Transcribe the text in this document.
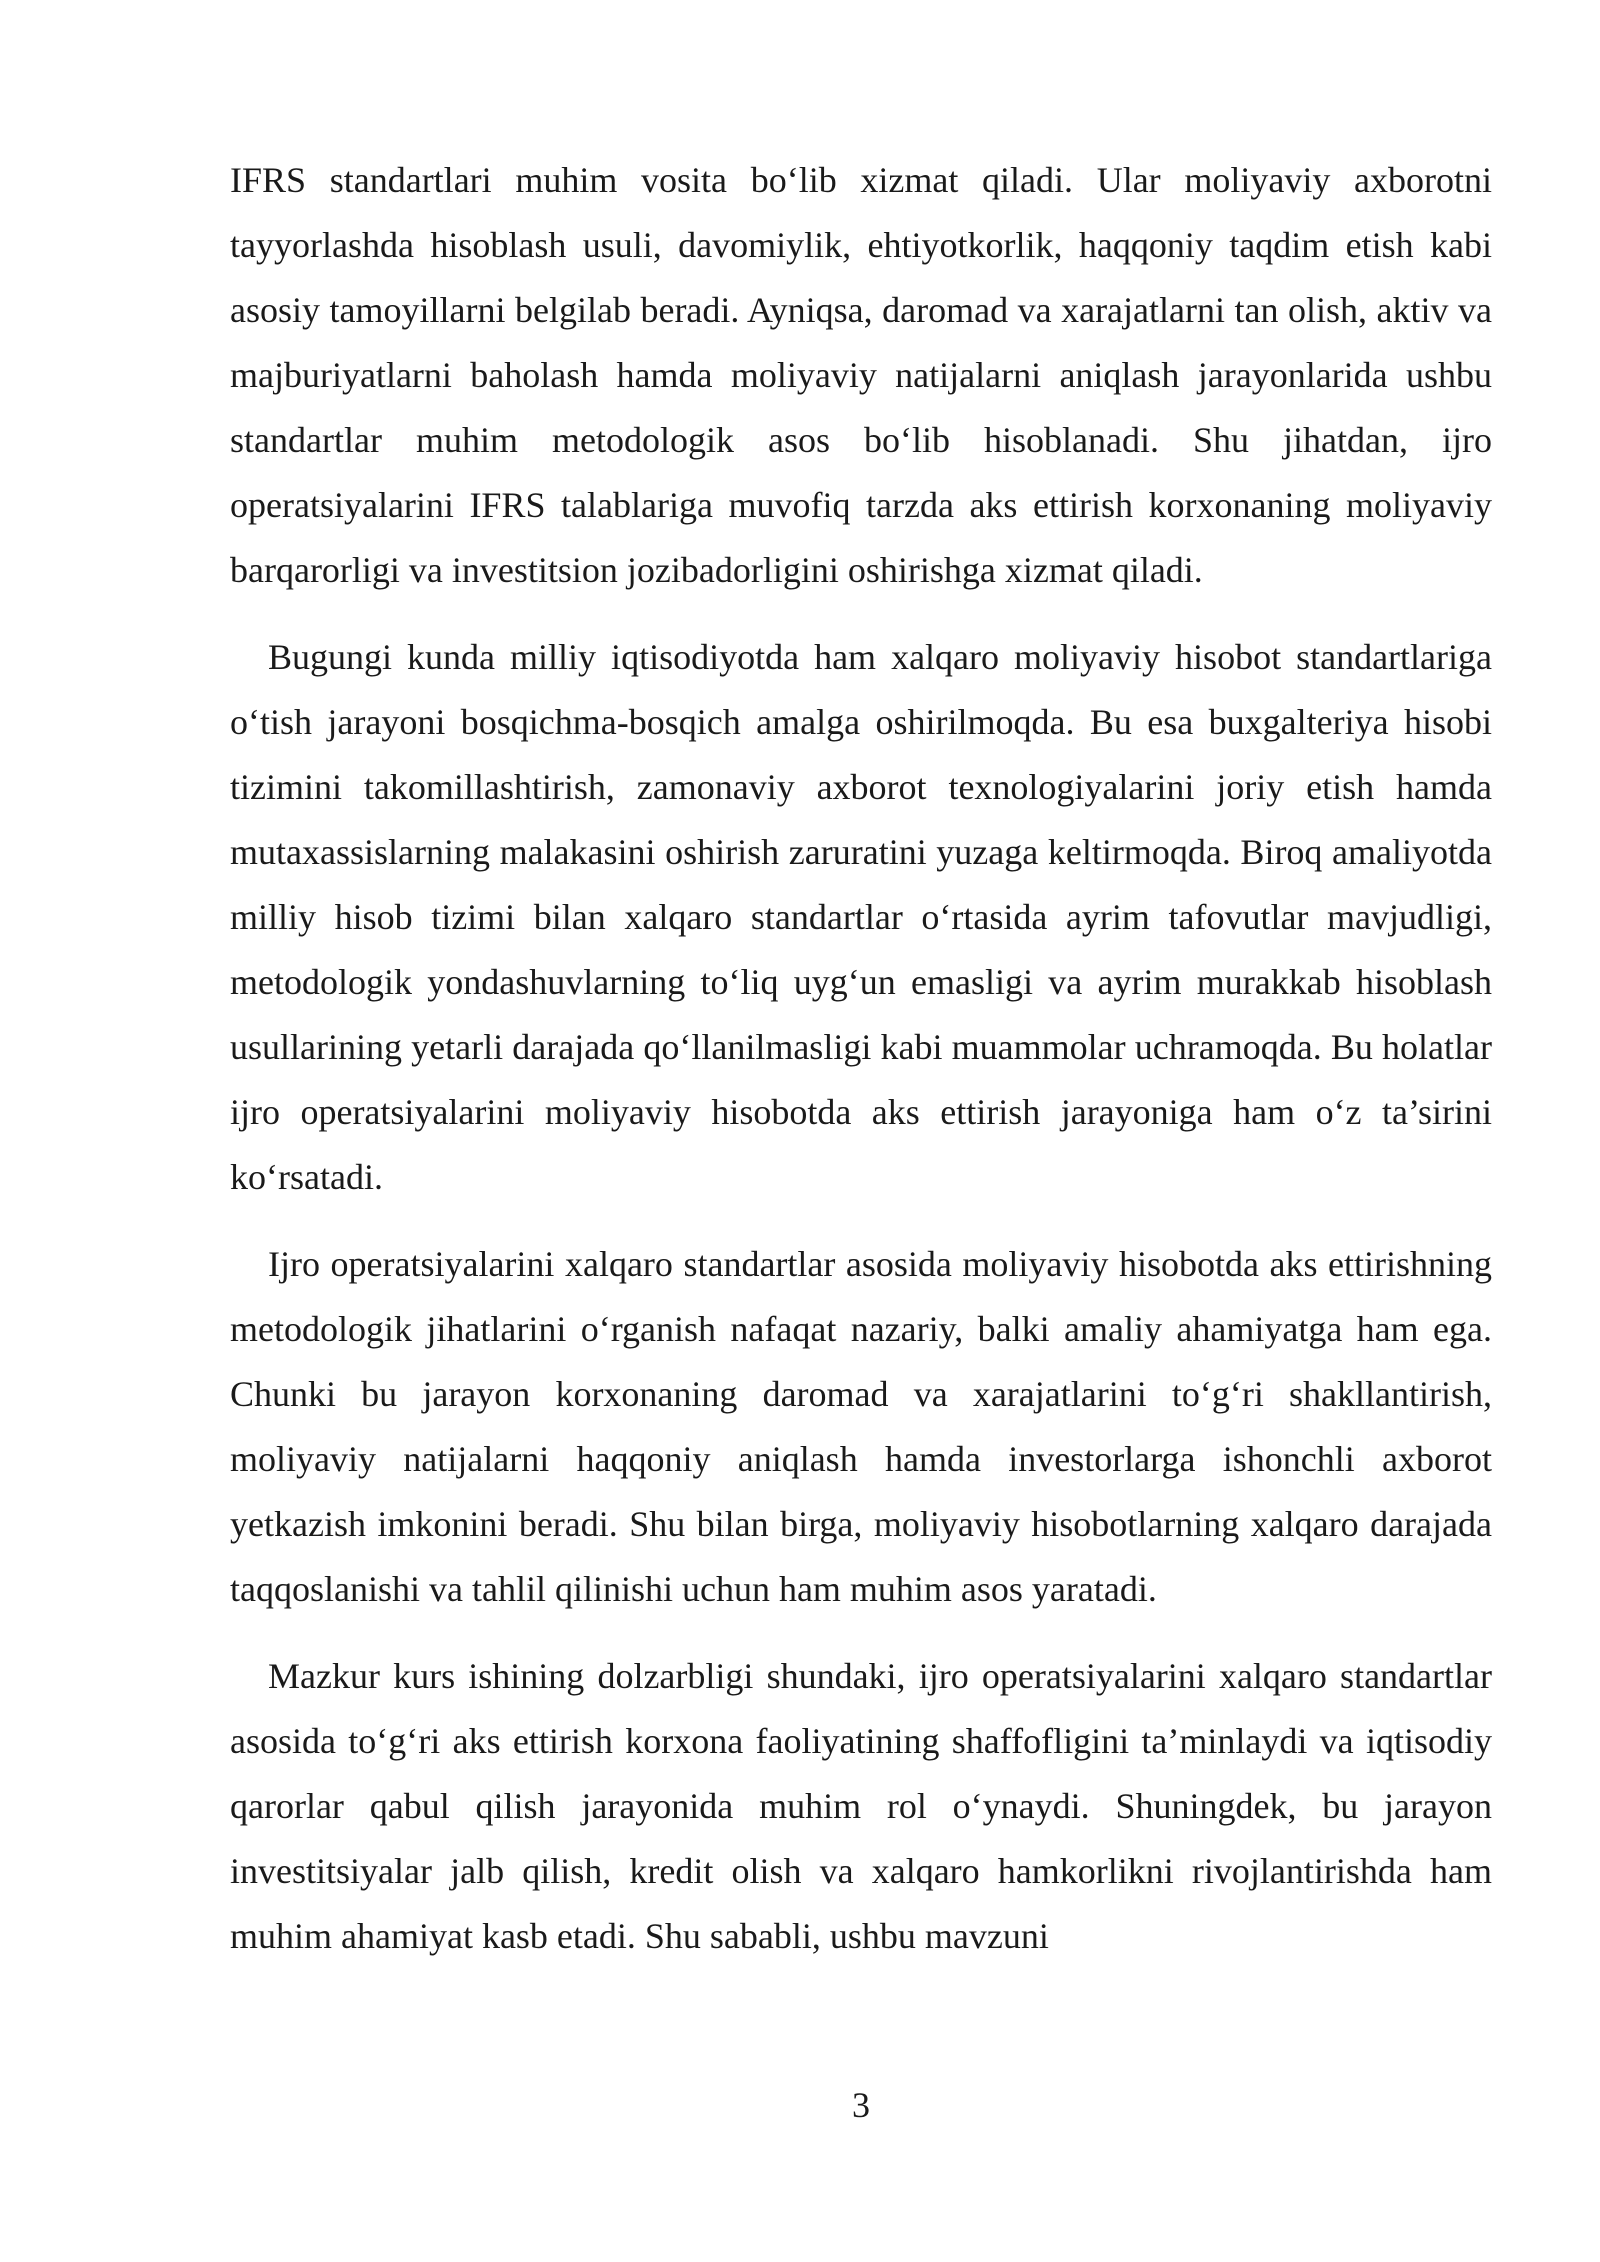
IFRS standartlari muhim vosita bo‘lib xizmat qiladi. Ular moliyaviy axborotni tayyorlashda hisoblash usuli, davomiylik, ehtiyotkorlik, haqqoniy taqdim etish kabi asosiy tamoyillarni belgilab beradi. Ayniqsa, daromad va xarajatlarni tan olish, aktiv va majburiyatlarni baholash hamda moliyaviy natijalarni aniqlash jarayonlarida ushbu standartlar muhim metodologik asos bo‘lib hisoblanadi. Shu jihatdan, ijro operatsiyalarini IFRS talablariga muvofiq tarzda aks ettirish korxonaning moliyaviy barqarorligi va investitsion jozibadorligini oshirishga xizmat qiladi.

Bugungi kunda milliy iqtisodiyotda ham xalqaro moliyaviy hisobot standartlariga o‘tish jarayoni bosqichma-bosqich amalga oshirilmoqda. Bu esa buxgalteriya hisobi tizimini takomillashtirish, zamonaviy axborot texnologiyalarini joriy etish hamda mutaxassislarning malakasini oshirish zaruratini yuzaga keltirmoqda. Biroq amaliyotda milliy hisob tizimi bilan xalqaro standartlar o‘rtasida ayrim tafovutlar mavjudligi, metodologik yondashuvlarning to‘liq uyg‘un emasligi va ayrim murakkab hisoblash usullarining yetarli darajada qo‘llanilmasligi kabi muammolar uchramoqda. Bu holatlar ijro operatsiyalarini moliyaviy hisobotda aks ettirish jarayoniga ham o‘z ta’sirini ko‘rsatadi.

Ijro operatsiyalarini xalqaro standartlar asosida moliyaviy hisobotda aks ettirishning metodologik jihatlarini o‘rganish nafaqat nazariy, balki amaliy ahamiyatga ham ega. Chunki bu jarayon korxonaning daromad va xarajatlarini to‘g‘ri shakllantirish, moliyaviy natijalarni haqqoniy aniqlash hamda investorlarga ishonchli axborot yetkazish imkonini beradi. Shu bilan birga, moliyaviy hisobotlarning xalqaro darajada taqqoslanishi va tahlil qilinishi uchun ham muhim asos yaratadi.

Mazkur kurs ishining dolzarbligi shundaki, ijro operatsiyalarini xalqaro standartlar asosida to‘g‘ri aks ettirish korxona faoliyatining shaffofligini ta’minlaydi va iqtisodiy qarorlar qabul qilish jarayonida muhim rol o‘ynaydi. Shuningdek, bu jarayon investitsiyalar jalb qilish, kredit olish va xalqaro hamkorlikni rivojlantirishda ham muhim ahamiyat kasb etadi. Shu sababli, ushbu mavzuni

3
